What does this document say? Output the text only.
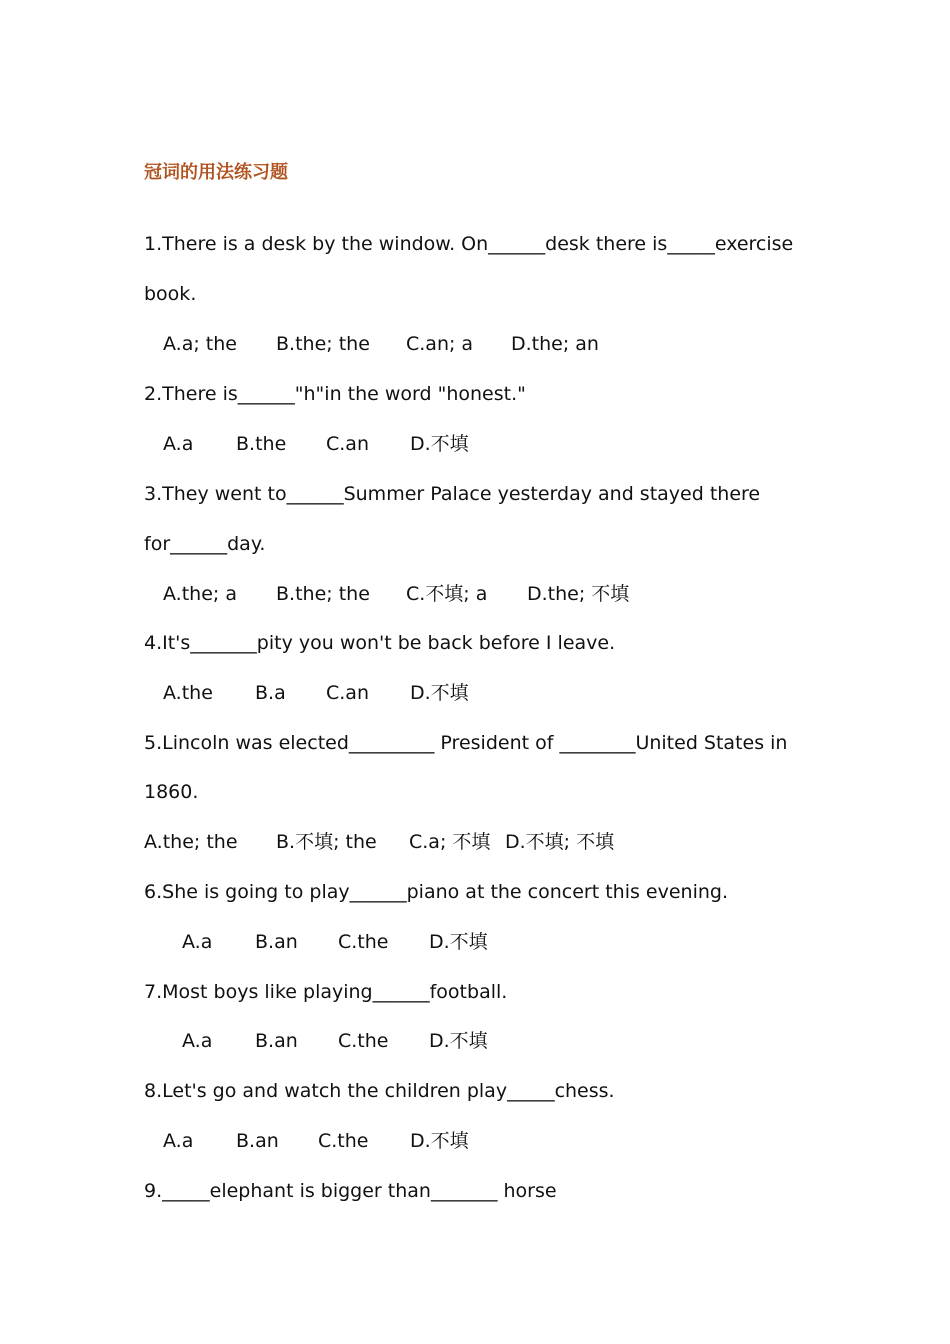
冠词的用法练习题
1.There is a desk by the window. On______desk there is_____exercise
book.
A.a; the B.the; the C.an; a D.the; an
2.There is______"h"in the word "honest."
A.a B.the C.an D.不填
3.They went to______Summer Palace yesterday and stayed there
for______day.
A.the; a B.the; the C.不填; a D.the; 不填
4.It's_______pity you won't be back before I leave.
A.the B.a C.an D.不填
5.Lincoln was elected_________ President of ________United States in
1860.
A.the; the B.不填; the C.a; 不填 D.不填; 不填
6.She is going to play______piano at the concert this evening.
A.a B.an C.the D.不填
7.Most boys like playing______football.
A.a B.an C.the D.不填
8.Let's go and watch the children play_____chess.
A.a B.an C.the D.不填
9._____elephant is bigger than_______ horse
